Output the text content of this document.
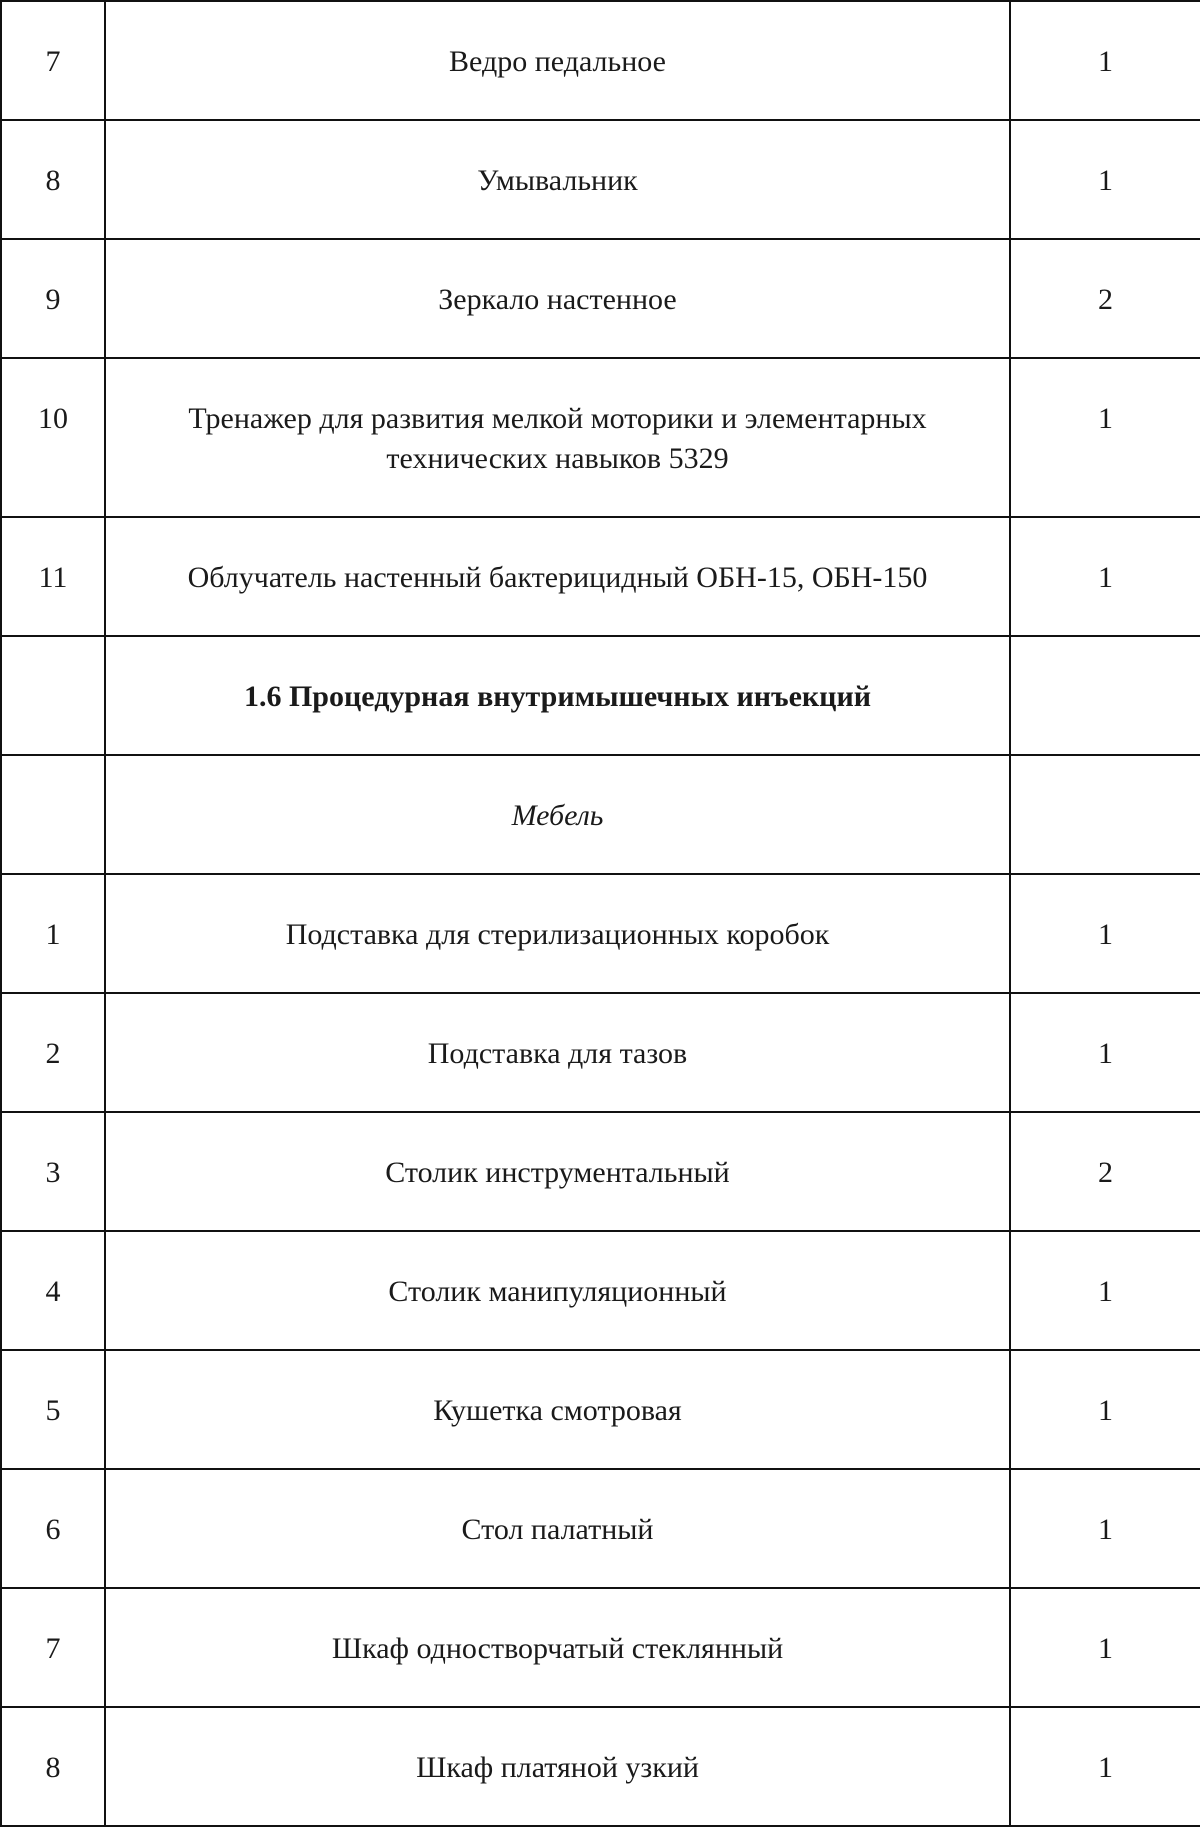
7	Ведро педальное	1

8	Умывальник	1

9	Зеркало настенное	2

10	Тренажер для развития мелкой моторики и элементарных технических навыков 5329	1

11	Облучатель настенный бактерицидный ОБН-15, ОБН-150	1

	1.6 Процедурная внутримышечных инъекций	

	Мебель	

1	Подставка для стерилизационных коробок	1

2	Подставка для тазов	1

3	Столик инструментальный	2

4	Столик манипуляционный	1

5	Кушетка смотровая	1

6	Стол палатный	1

7	Шкаф одностворчатый стеклянный	1

8	Шкаф платяной узкий	1
